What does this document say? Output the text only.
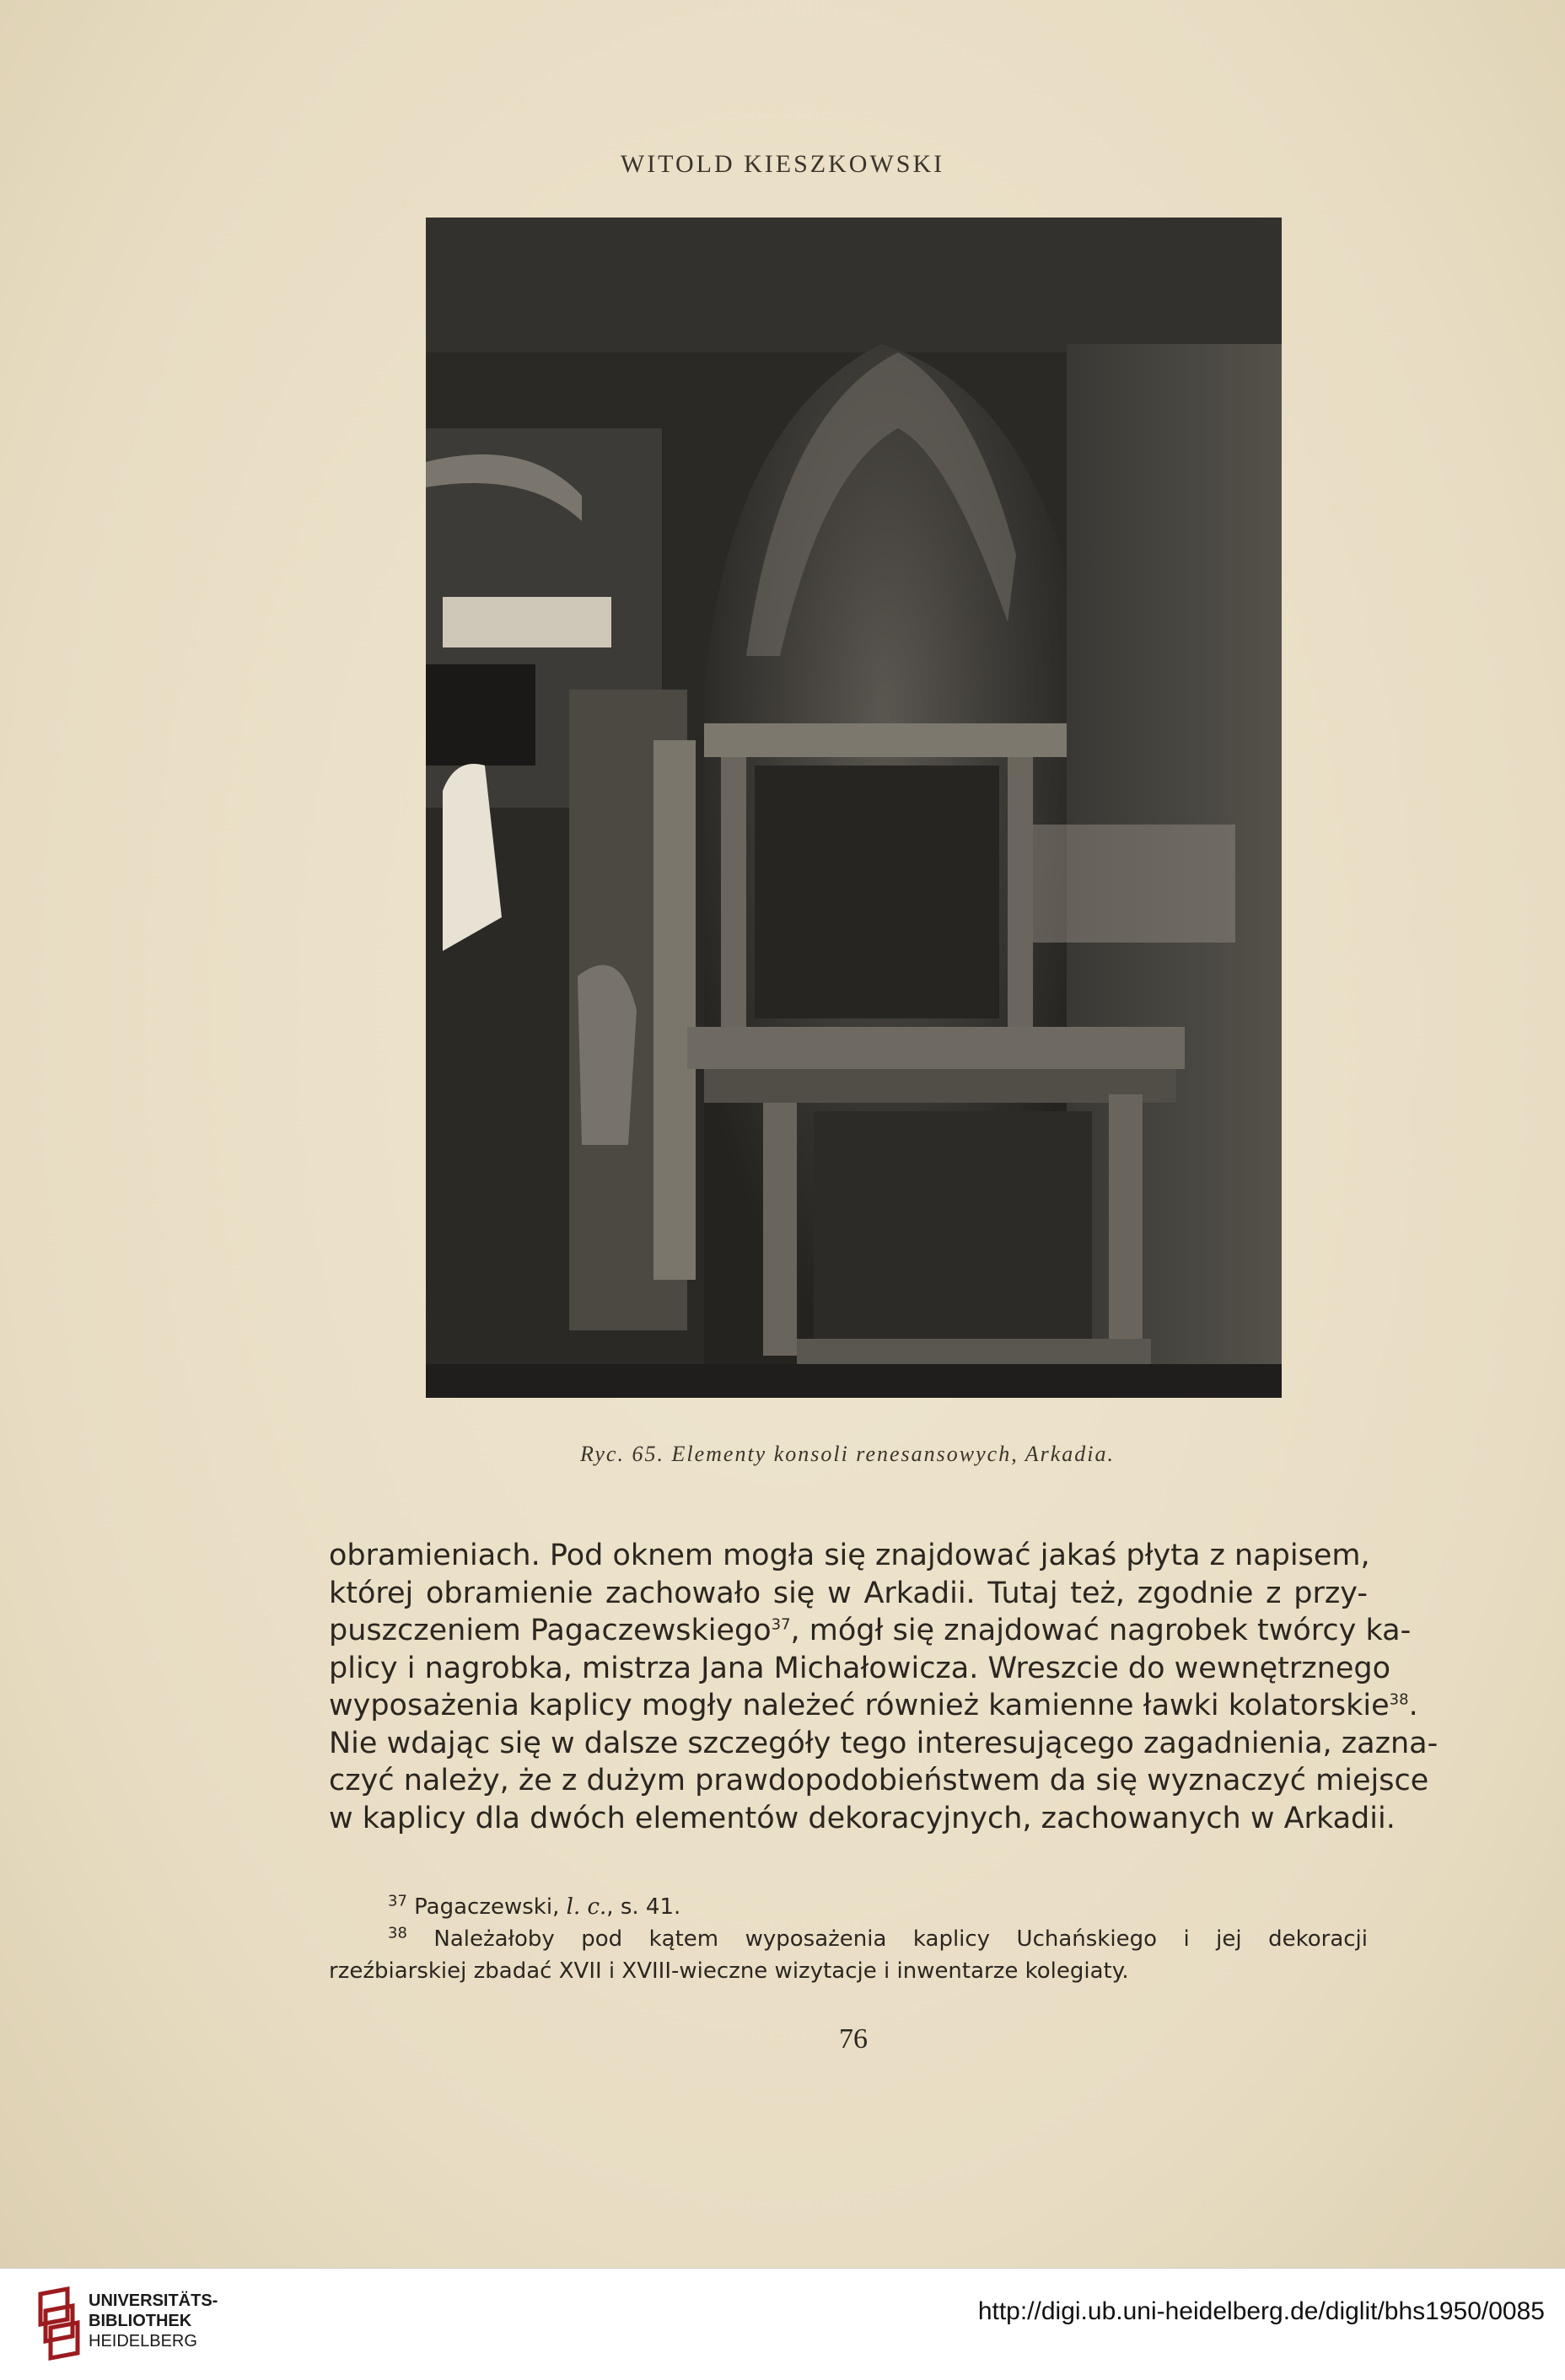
WITOLD KIESZKOWSKI
Ryc. 65. Elementy konsoli renesansowych, Arkadia.
obramieniach. Pod oknem mogła się znajdować jakaś płyta z napisem,
której obramienie zachowało się w Arkadii. Tutaj też, zgodnie z przy-
puszczeniem Pagaczewskiego$^{37}$, mógł się znajdować nagrobek twórcy ka-
plicy i nagrobka, mistrza Jana Michałowicza. Wreszcie do wewnętrznego
wyposażenia kaplicy mogły należeć również kamienne ławki kolatorskie$^{38}$.
Nie wdając się w dalsze szczegóły tego interesującego zagadnienia, zazna-
czyć należy, że z dużym prawdopodobieństwem da się wyznaczyć miejsce
w kaplicy dla dwóch elementów dekoracyjnych, zachowanych w Arkadii.
$^{37}$ Pagaczewski, l. c., s. 41.
$^{38}$ Należałoby pod kątem wyposażenia kaplicy Uchańskiego i jej dekoracji
rzeźbiarskiej zbadać XVII i XVIII-wieczne wizytacje i inwentarze kolegiaty.
76
UNIVERSITÄTS-
BIBLIOTHEK
HEIDELBERG
http://digi.ub.uni-heidelberg.de/diglit/bhs1950/0085
